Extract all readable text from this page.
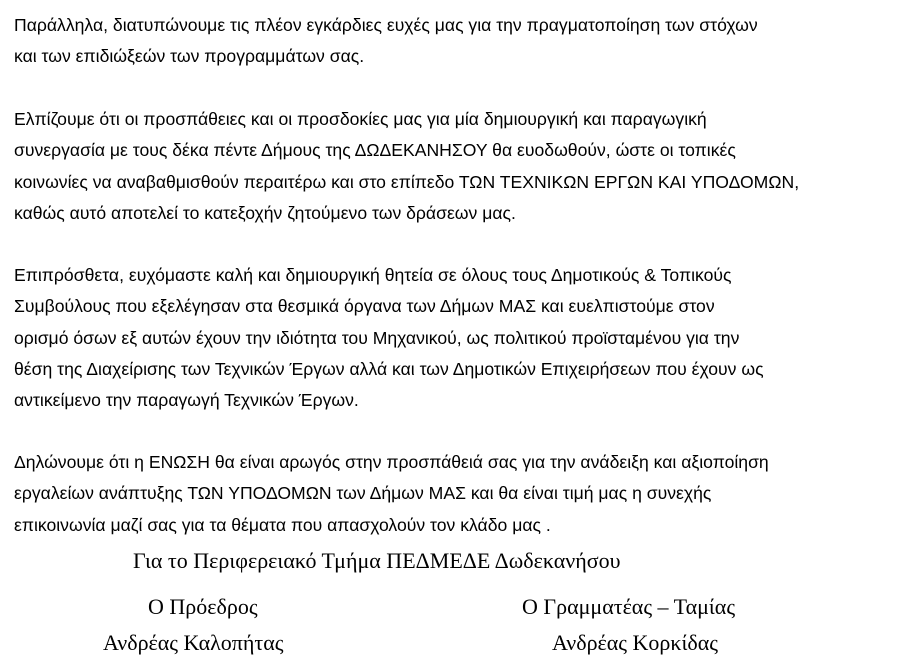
Παράλληλα, διατυπώνουμε τις πλέον εγκάρδιες ευχές μας για την πραγματοποίηση των στόχων
και των επιδιώξεών των προγραμμάτων σας.

Ελπίζουμε ότι οι προσπάθειες και οι προσδοκίες μας για μία δημιουργική και παραγωγική
συνεργασία με τους δέκα πέντε Δήμους της ΔΩΔΕΚΑΝΗΣΟΥ θα ευοδωθούν, ώστε οι τοπικές
κοινωνίες να αναβαθμισθούν περαιτέρω και στο επίπεδο ΤΩΝ ΤΕΧΝΙΚΩΝ ΕΡΓΩΝ ΚΑΙ ΥΠΟΔΟΜΩΝ,
καθώς αυτό αποτελεί το κατεξοχήν ζητούμενο των δράσεων μας.

Επιπρόσθετα, ευχόμαστε καλή και δημιουργική θητεία σε όλους τους Δημοτικούς & Τοπικούς
Συμβούλους που εξελέγησαν στα θεσμικά όργανα των Δήμων ΜΑΣ και ευελπιστούμε στον
ορισμό όσων εξ αυτών έχουν την ιδιότητα του Μηχανικού, ως πολιτικού προϊσταμένου για την
θέση της Διαχείρισης των Τεχνικών Έργων αλλά και των Δημοτικών Επιχειρήσεων που έχουν ως
αντικείμενο την παραγωγή Τεχνικών Έργων.

Δηλώνουμε ότι η ΕΝΩΣΗ θα είναι αρωγός στην προσπάθειά σας για την ανάδειξη και αξιοποίηση
εργαλείων ανάπτυξης ΤΩΝ ΥΠΟΔΟΜΩΝ των Δήμων ΜΑΣ και θα είναι τιμή μας η συνεχής
επικοινωνία μαζί σας για τα θέματα που απασχολούν τον κλάδο μας .

Για το Περιφερειακό Τμήμα ΠΕΔΜΕΔΕ Δωδεκανήσου
Ο Πρόεδρος
Ανδρέας Καλοπήτας
Ο Γραμματέας – Ταμίας
Ανδρέας Κορκίδας
